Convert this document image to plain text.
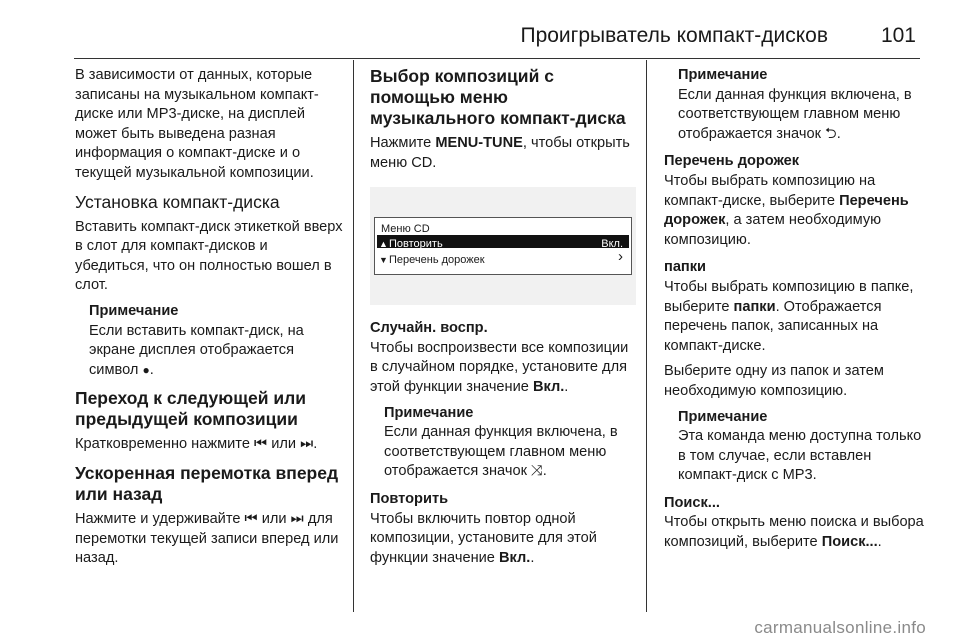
Проигрыватель компакт-дисков	101

В зависимости от данных, которые записаны на музыкальном компакт-диске или MP3-диске, на дисплей может быть выведена разная информация о компакт-диске и о текущей музыкальной композиции.

Установка компакт-диска

Вставить компакт-диск этикеткой вверх в слот для компакт-дисков и убедиться, что он полностью вошел в слот.

Примечание
Если вставить компакт-диск, на экране дисплея отображается символ ●.
Переход к следующей или предыдущей композиции

Кратковременно нажмите ⏮ или ⏭.

Ускоренная перемотка вперед или назад

Нажмите и удерживайте ⏮ или ⏭ для перемотки текущей записи вперед или назад.

Выбор композиций с помощью меню музыкального компакт-диска

Нажмите MENU-TUNE, чтобы открыть меню CD.

Меню CD
▲ Повторить	Вкл.
▼ Перечень дорожек	›
Случайн. воспр.

Чтобы воспроизвести все композиции в случайном порядке, установите для этой функции значение Вкл..

Примечание
Если данная функция включена, в соответствующем главном меню отображается значок ⤨.
Повторить

Чтобы включить повтор одной композиции, установите для этой функции значение Вкл..

Примечание
Если данная функция включена, в соответствующем главном меню отображается значок ⮌.
Перечень дорожек

Чтобы выбрать композицию на компакт-диске, выберите Перечень дорожек, а затем необходимую композицию.

папки

Чтобы выбрать композицию в папке, выберите папки. Отображается перечень папок, записанных на компакт-диске.

Выберите одну из папок и затем необходимую композицию.

Примечание
Эта команда меню доступна только в том случае, если вставлен компакт-диск с MP3.
Поиск...

Чтобы открыть меню поиска и выбора композиций, выберите Поиск....

carmanualsonline.info
